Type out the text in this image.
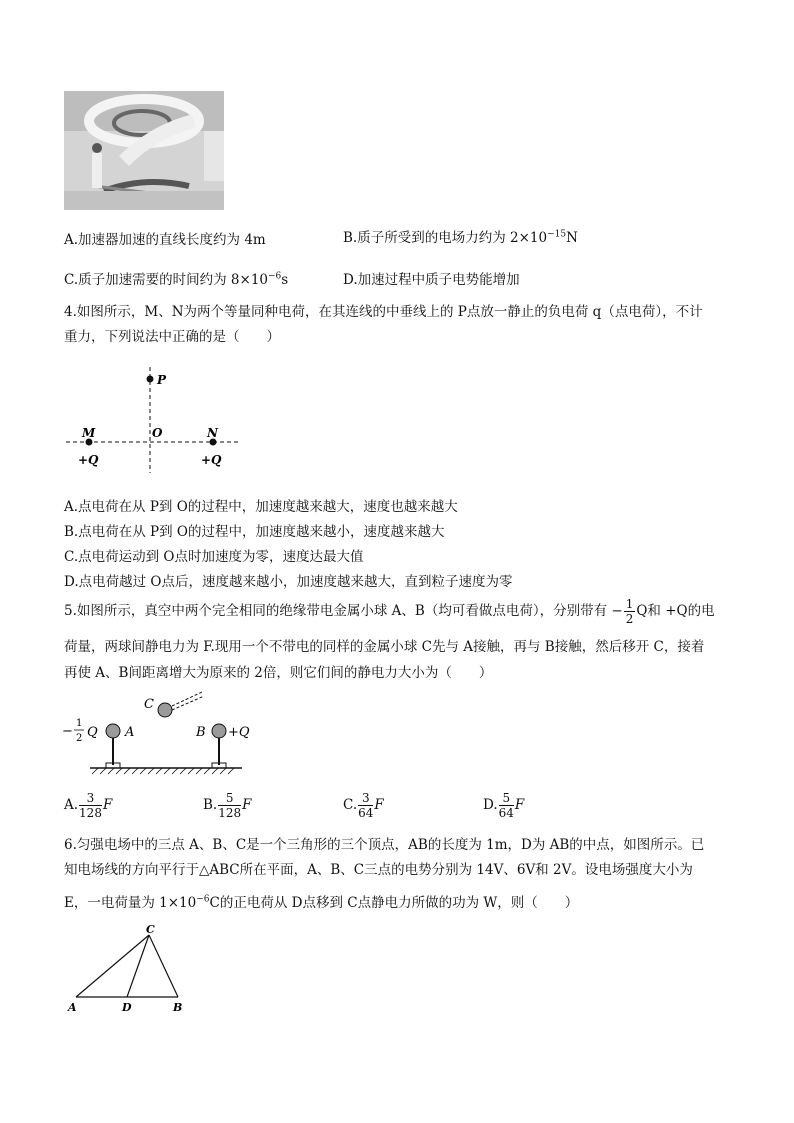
A.加速器加速的直线长度约为 4m	B.质子所受到的电场力约为 $2\times 10^{-15}N$
C.质子加速需要的时间约为 $8\times 10^{-6}s$	D.加速过程中质子电势能增加
4.如图所示，M、N为两个等量同种电荷，在其连线的中垂线上的 P点放一静止的负电荷 q（点电荷），不计
重力，下列说法中正确的是（　　）
P
O
M	N
+Q	+Q
A.点电荷在从 P到 O的过程中，加速度越来越大，速度也越来越大
B.点电荷在从 P到 O的过程中，加速度越来越小，速度越来越大
C.点电荷运动到 O点时加速度为零，速度达最大值
D.点电荷越过 O点后，速度越来越小，加速度越来越大，直到粒子速度为零
5.如图所示，真空中两个完全相同的绝缘带电金属小球 A、B（均可看做点电荷），分别带有 − $\frac{1}{2}$ Q和 +Q的电
荷量，两球间静电力为 F.现用一个不带电的同样的金属小球 C先与 A接触，再与 B接触，然后移开 C，接着
再使 A、B间距离增大为原来的 2倍，则它们间的静电力大小为（　　）
C
A	B +Q
−
1
2 Q
A. $\frac{3}{128}$ F	B. $\frac{5}{128}$ F	C. $\frac{3}{64}$ F	D. $\frac{5}{64}$ F
6.匀强电场中的三点 A、B、C是一个三角形的三个顶点，AB的长度为 1m，D为 AB的中点，如图所示。已
知电场线的方向平行于△ABC所在平面，A、B、C三点的电势分别为 14V、6V和 2V。设电场强度大小为
E，一电荷量为 $1\times 10^{-6}C$的正电荷从 D点移到 C点静电力所做的功为 W，则（　　）
A	D	B
C
